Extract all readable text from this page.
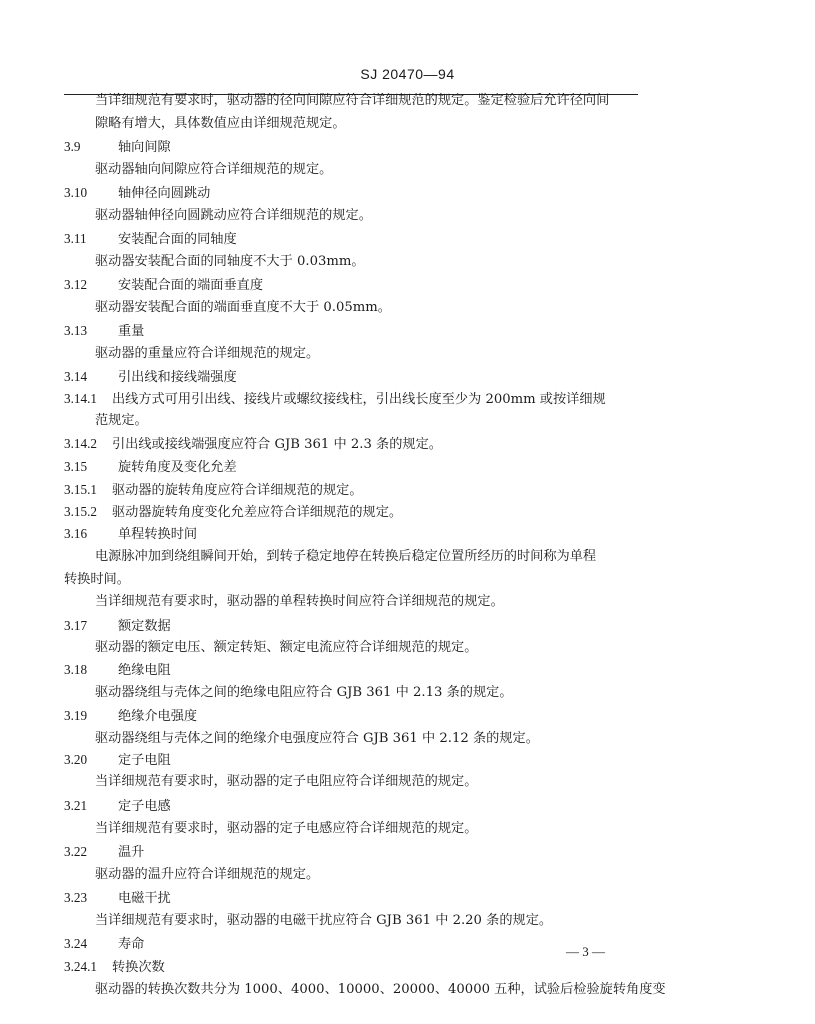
SJ 20470—94
当详细规范有要求时，驱动器的径向间隙应符合详细规范的规定。鉴定检验后允许径向间
隙略有增大，具体数值应由详细规范规定。
3.9	轴向间隙
驱动器轴向间隙应符合详细规范的规定。
3.10 轴伸径向圆跳动
驱动器轴伸径向圆跳动应符合详细规范的规定。
3.11 安装配合面的同轴度
驱动器安装配合面的同轴度不大于 0.03mm。
3.12 安装配合面的端面垂直度
驱动器安装配合面的端面垂直度不大于 0.05mm。
3.13 重量
驱动器的重量应符合详细规范的规定。
3.14 引出线和接线端强度
3.14.1 出线方式可用引出线、接线片或螺纹接线柱，引出线长度至少为 200mm 或按详细规
范规定。
3.14.2 引出线或接线端强度应符合 GJB 361 中 2.3 条的规定。
3.15 旋转角度及变化允差
3.15.1 驱动器的旋转角度应符合详细规范的规定。
3.15.2 驱动器旋转角度变化允差应符合详细规范的规定。
3.16 单程转换时间
电源脉冲加到绕组瞬间开始，到转子稳定地停在转换后稳定位置所经历的时间称为单程
转换时间。
当详细规范有要求时，驱动器的单程转换时间应符合详细规范的规定。
3.17 额定数据
驱动器的额定电压、额定转矩、额定电流应符合详细规范的规定。
3.18 绝缘电阻
驱动器绕组与壳体之间的绝缘电阻应符合 GJB 361 中 2.13 条的规定。
3.19 绝缘介电强度
驱动器绕组与壳体之间的绝缘介电强度应符合 GJB 361 中 2.12 条的规定。
3.20 定子电阻
当详细规范有要求时，驱动器的定子电阻应符合详细规范的规定。
3.21 定子电感
当详细规范有要求时，驱动器的定子电感应符合详细规范的规定。
3.22 温升
驱动器的温升应符合详细规范的规定。
3.23 电磁干扰
当详细规范有要求时，驱动器的电磁干扰应符合 GJB 361 中 2.20 条的规定。
3.24 寿命
3.24.1 转换次数
驱动器的转换次数共分为 1000、4000、10000、20000、40000 五种，试验后检验旋转角度变
— 3 —
